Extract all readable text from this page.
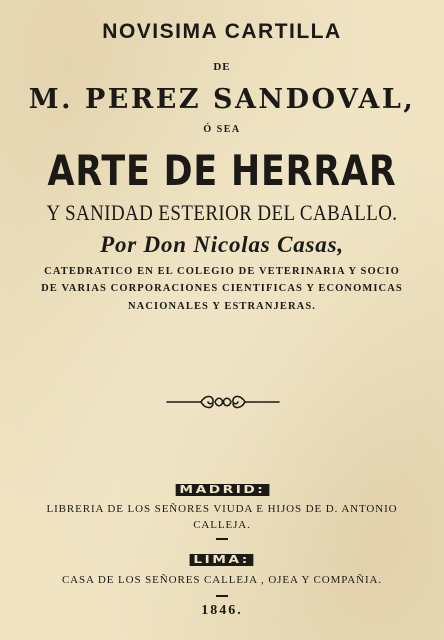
NOVISIMA CARTILLA
DE
M. PEREZ SANDOVAL,
Ó SEA
ARTE DE HERRAR
Y SANIDAD ESTERIOR DEL CABALLO.
Por Don Nicolas Casas,
CATEDRATICO EN EL COLEGIO DE VETERINARIA Y SOCIO
DE VARIAS CORPORACIONES CIENTIFICAS Y ECONOMICAS
NACIONALES Y ESTRANJERAS.
MADRID:
LIBRERIA DE LOS SEÑORES VIUDA E HIJOS DE D. ANTONIO
CALLEJA.
LIMA:
CASA DE LOS SEÑORES CALLEJA , OJEA Y COMPAÑIA.
1846.
